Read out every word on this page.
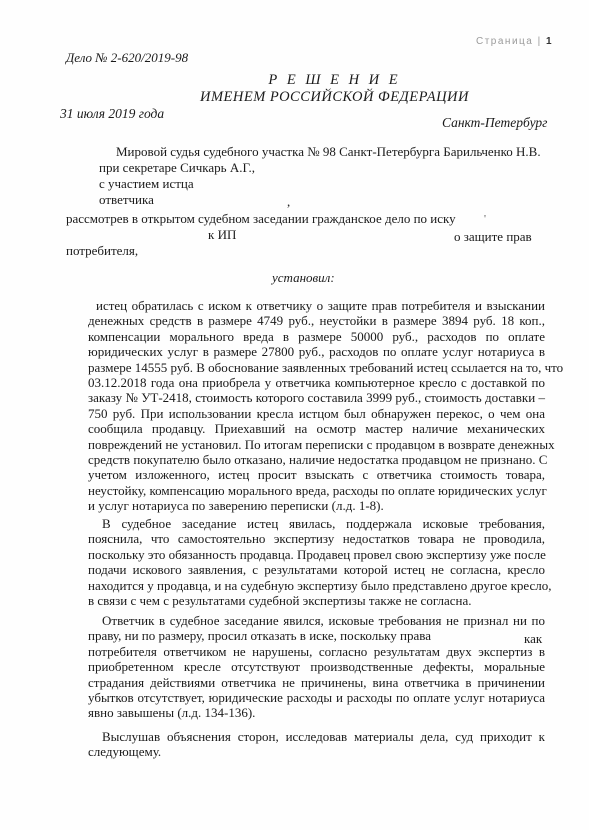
Страница | 1
Дело № 2-620/2019-98
Р Е Ш Е Н И Е
ИМЕНЕМ РОССИЙСКОЙ ФЕДЕРАЦИИ
31 июля 2019 года
Санкт-Петербург
Мировой судья судебного участка № 98 Санкт-Петербурга Барильченко Н.В.
при секретаре Сичкарь А.Г.,
с участием истца
ответчика	,
рассмотрев в открытом судебном заседании гражданское дело по иску	'
к ИП	о защите прав
потребителя,
установил:
истец обратилась с иском к ответчику о защите прав потребителя и взыскании
денежных средств в размере 4749 руб., неустойки в размере 3894 руб. 18 коп.,
компенсации морального вреда в размере 50000 руб., расходов по оплате
юридических услуг в размере 27800 руб., расходов по оплате услуг нотариуса в
размере 14555 руб. В обоснование заявленных требований истец ссылается на то, что
03.12.2018 года она приобрела у ответчика компьютерное кресло с доставкой по
заказу № УТ-2418, стоимость которого составила 3999 руб., стоимость доставки –
750 руб. При использовании кресла истцом был обнаружен перекос, о чем она
сообщила продавцу. Приехавший на осмотр мастер наличие механических
повреждений не установил. По итогам переписки с продавцом в возврате денежных
средств покупателю было отказано, наличие недостатка продавцом не признано. С
учетом изложенного, истец просит взыскать с ответчика стоимость товара,
неустойку, компенсацию морального вреда, расходы по оплате юридических услуг
и услуг нотариуса по заверению переписки (л.д. 1-8).
В судебное заседание истец явилась, поддержала исковые требования,
пояснила, что самостоятельно экспертизу недостатков товара не проводила,
поскольку это обязанность продавца. Продавец провел свою экспертизу уже после
подачи искового заявления, с результатами которой истец не согласна, кресло
находится у продавца, и на судебную экспертизу было представлено другое кресло,
в связи с чем с результатами судебной экспертизы также не согласна.
Ответчик в судебное заседание явился, исковые требования не признал ни по
праву, ни по размеру, просил отказать в иске, поскольку права
потребителя ответчиком не нарушены, согласно результатам двух экспертиз в
приобретенном кресле отсутствуют производственные дефекты, моральные
страдания действиями ответчика не причинены, вина ответчика в причинении
убытков отсутствует, юридические расходы и расходы по оплате услуг нотариуса
явно завышены (л.д. 134-136).
как
Выслушав объяснения сторон, исследовав материалы дела, суд приходит к
следующему.
